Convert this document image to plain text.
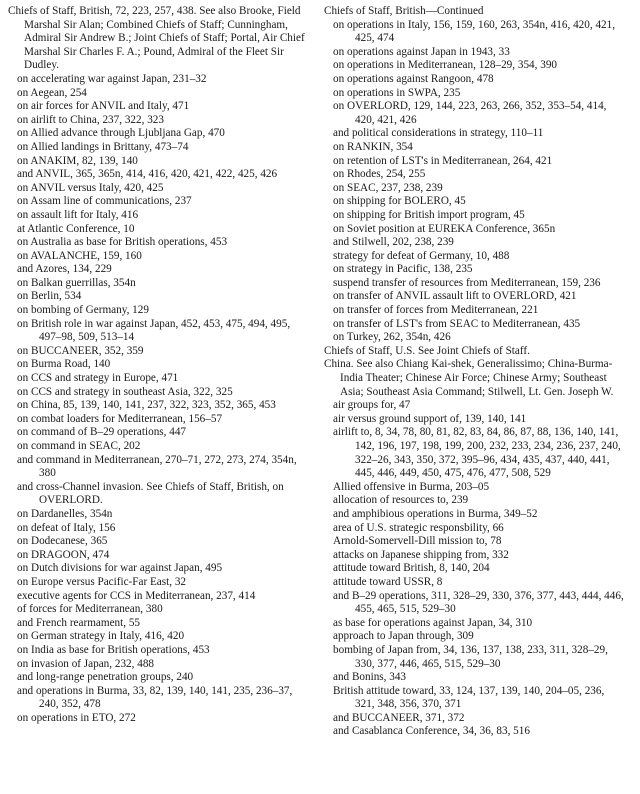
Chiefs of Staff, British, 72, 223, 257, 438. See also Brooke, Field Marshal Sir Alan; Combined Chiefs of Staff; Cunningham, Admiral Sir Andrew B.; Joint Chiefs of Staff; Portal, Air Chief Marshal Sir Charles F. A.; Pound, Admiral of the Fleet Sir Dudley.

on accelerating war against Japan, 231–32

on Aegean, 254

on air forces for ANVIL and Italy, 471

on airlift to China, 237, 322, 323

on Allied advance through Ljubljana Gap, 470

on Allied landings in Brittany, 473–74

on ANAKIM, 82, 139, 140

and ANVIL, 365, 365n, 414, 416, 420, 421, 422, 425, 426

on ANVIL versus Italy, 420, 425

on Assam line of communications, 237

on assault lift for Italy, 416

at Atlantic Conference, 10

on Australia as base for British operations, 453

on AVALANCHE, 159, 160

and Azores, 134, 229

on Balkan guerrillas, 354n

on Berlin, 534

on bombing of Germany, 129

on British role in war against Japan, 452, 453, 475, 494, 495, 497–98, 509, 513–14

on BUCCANEER, 352, 359

on Burma Road, 140

on CCS and strategy in Europe, 471

on CCS and strategy in southeast Asia, 322, 325

on China, 85, 139, 140, 141, 237, 322, 323, 352, 365, 453

on combat loaders for Mediterranean, 156–57

on command of B–29 operations, 447

on command in SEAC, 202

and command in Mediterranean, 270–71, 272, 273, 274, 354n, 380

and cross-Channel invasion. See Chiefs of Staff, British, on OVERLORD.

on Dardanelles, 354n

on defeat of Italy, 156

on Dodecanese, 365

on DRAGOON, 474

on Dutch divisions for war against Japan, 495

on Europe versus Pacific-Far East, 32

executive agents for CCS in Mediterranean, 237, 414

of forces for Mediterranean, 380

and French rearmament, 55

on German strategy in Italy, 416, 420

on India as base for British operations, 453

on invasion of Japan, 232, 488

and long-range penetration groups, 240

and operations in Burma, 33, 82, 139, 140, 141, 235, 236–37, 240, 352, 478

on operations in ETO, 272

Chiefs of Staff, British—Continued

on operations in Italy, 156, 159, 160, 263, 354n, 416, 420, 421, 425, 474

on operations against Japan in 1943, 33

on operations in Mediterranean, 128–29, 354, 390

on operations against Rangoon, 478

on operations in SWPA, 235

on OVERLORD, 129, 144, 223, 263, 266, 352, 353–54, 414, 420, 421, 426

and political considerations in strategy, 110–11

on RANKIN, 354

on retention of LST's in Mediterranean, 264, 421

on Rhodes, 254, 255

on SEAC, 237, 238, 239

on shipping for BOLERO, 45

on shipping for British import program, 45

on Soviet position at EUREKA Conference, 365n

and Stilwell, 202, 238, 239

strategy for defeat of Germany, 10, 488

on strategy in Pacific, 138, 235

suspend transfer of resources from Mediterranean, 159, 236

on transfer of ANVIL assault lift to OVERLORD, 421

on transfer of forces from Mediterranean, 221

on transfer of LST's from SEAC to Mediterranean, 435

on Turkey, 262, 354n, 426

Chiefs of Staff, U.S. See Joint Chiefs of Staff.

China. See also Chiang Kai-shek, Generalissimo; China-Burma-India Theater; Chinese Air Force; Chinese Army; Southeast Asia; Southeast Asia Command; Stilwell, Lt. Gen. Joseph W.

air groups for, 47

air versus ground support of, 139, 140, 141

airlift to, 8, 34, 78, 80, 81, 82, 83, 84, 86, 87, 88, 136, 140, 141, 142, 196, 197, 198, 199, 200, 232, 233, 234, 236, 237, 240, 322–26, 343, 350, 372, 395–96, 434, 435, 437, 440, 441, 445, 446, 449, 450, 475, 476, 477, 508, 529

Allied offensive in Burma, 203–05

allocation of resources to, 239

and amphibious operations in Burma, 349–52

area of U.S. strategic responsbility, 66

Arnold-Somervell-Dill mission to, 78

attacks on Japanese shipping from, 332

attitude toward British, 8, 140, 204

attitude toward USSR, 8

and B–29 operations, 311, 328–29, 330, 376, 377, 443, 444, 446, 455, 465, 515, 529–30

as base for operations against Japan, 34, 310

approach to Japan through, 309

bombing of Japan from, 34, 136, 137, 138, 233, 311, 328–29, 330, 377, 446, 465, 515, 529–30

and Bonins, 343

British attitude toward, 33, 124, 137, 139, 140, 204–05, 236, 321, 348, 356, 370, 371

and BUCCANEER, 371, 372

and Casablanca Conference, 34, 36, 83, 516
